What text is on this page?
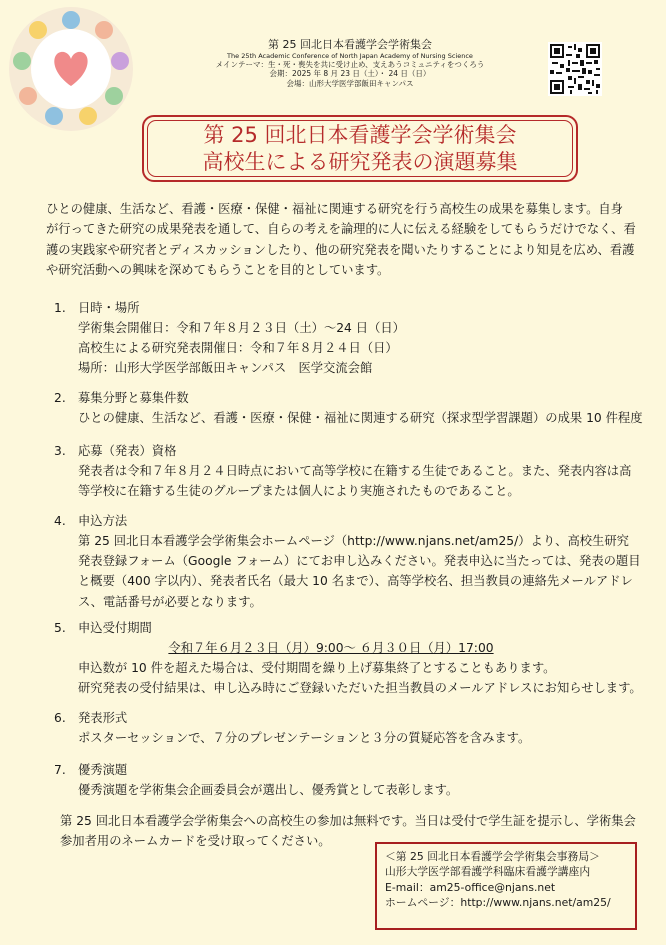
第 25 回北日本看護学会学術集会
The 25th Academic Conference of North Japan Academy of Nursing Science
メインテーマ：生・死・喪失を共に受け止め、支えあうコミュニティをつくろう
会期：2025 年 8 月 23 日（土）・ 24 日（日）
会場：山形大学医学部飯田キャンパス
第 25 回北日本看護学会学術集会
高校生による研究発表の演題募集
ひとの健康、生活など、看護・医療・保健・福祉に関連する研究を行う高校生の成果を募集します。自身
が行ってきた研究の成果発表を通して、自らの考えを論理的に人に伝える経験をしてもらうだけでなく、看
護の実践家や研究者とディスカッションしたり、他の研究発表を聞いたりすることにより知見を広め、看護
や研究活動への興味を深めてもらうことを目的としています。
1. 日時・場所
学術集会開催日：令和７年８月２３日（土）～24 日（日）
高校生による研究発表開催日：令和７年８月２４日（日）
場所：山形大学医学部飯田キャンパス　医学交流会館
2. 募集分野と募集件数
ひとの健康、生活など、看護・医療・保健・福祉に関連する研究（探求型学習課題）の成果 10 件程度
3. 応募（発表）資格
発表者は令和７年８月２４日時点において高等学校に在籍する生徒であること。また、発表内容は高
等学校に在籍する生徒のグループまたは個人により実施されたものであること。
4. 申込方法
第 25 回北日本看護学会学術集会ホームページ（http://www.njans.net/am25/）より、高校生研究
発表登録フォーム（Google フォーム）にてお申し込みください。発表申込に当たっては、発表の題目
と概要（400 字以内）、発表者氏名（最大 10 名まで）、高等学校名、担当教員の連絡先メールアドレ
ス、電話番号が必要となります。
5. 申込受付期間
令和７年６月２３日（月）9:00～ ６月３０日（月）17:00
申込数が 10 件を超えた場合は、受付期間を繰り上げ募集終了とすることもあります。
研究発表の受付結果は、申し込み時にご登録いただいた担当教員のメールアドレスにお知らせします。
6. 発表形式
ポスターセッションで、７分のプレゼンテーションと３分の質疑応答を含みます。
7. 優秀演題
優秀演題を学術集会企画委員会が選出し、優秀賞として表彰します。
第 25 回北日本看護学会学術集会への高校生の参加は無料です。当日は受付で学生証を提示し、学術集会
参加者用のネームカードを受け取ってください。
＜第 25 回北日本看護学会学術集会事務局＞
山形大学医学部看護学科臨床看護学講座内
E-mail：am25-office@njans.net
ホームページ：http://www.njans.net/am25/
